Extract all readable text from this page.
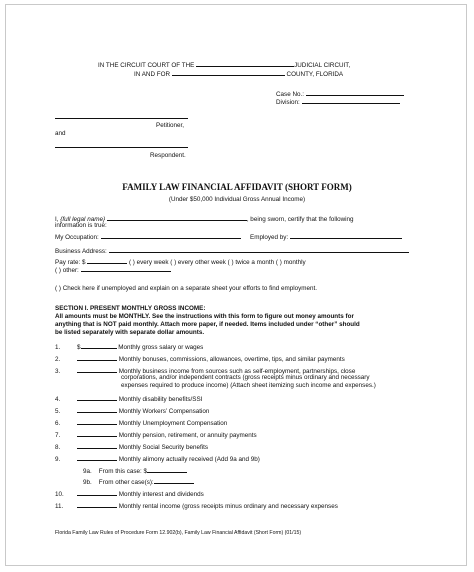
IN THE CIRCUIT COURT OF THE	JUDICIAL CIRCUIT,
IN AND FOR	COUNTY, FLORIDA
Case No.:
Division:
Petitioner,
and
Respondent.
FAMILY LAW FINANCIAL AFFIDAVIT (SHORT FORM)
(Under $50,000 Individual Gross Annual Income)
I, {full legal name}	, being sworn, certify that the following
information is true:
My Occupation:	Employed by:
Business Address:
Pay rate: $	( ) every week ( ) every other week ( ) twice a month ( ) monthly
( ) other:
( ) Check here if unemployed and explain on a separate sheet your efforts to find employment.
SECTION I. PRESENT MONTHLY GROSS INCOME:
All amounts must be MONTHLY. See the instructions with this form to figure out money amounts for
anything that is NOT paid monthly. Attach more paper, if needed. Items included under “other” should
be listed separately with separate dollar amounts.
1.	$	Monthly gross salary or wages
2.	Monthly bonuses, commissions, allowances, overtime, tips, and similar payments
3.	Monthly business income from sources such as self-employment, partnerships, close
corporations, and/or independent contracts (gross receipts minus ordinary and necessary
expenses required to produce income) (Attach sheet itemizing such income and expenses.)
4.	Monthly disability benefits/SSI
5.	Monthly Workers’ Compensation
6.	Monthly Unemployment Compensation
7.	Monthly pension, retirement, or annuity payments
8.	Monthly Social Security benefits
9.	Monthly alimony actually received (Add 9a and 9b)
9a. From this case: $
9b. From other case(s):
10.	Monthly interest and dividends
11.	Monthly rental income (gross receipts minus ordinary and necessary expenses
Florida Family Law Rules of Procedure Form 12.902(b), Family Law Financial Affidavit (Short Form) (01/15)
